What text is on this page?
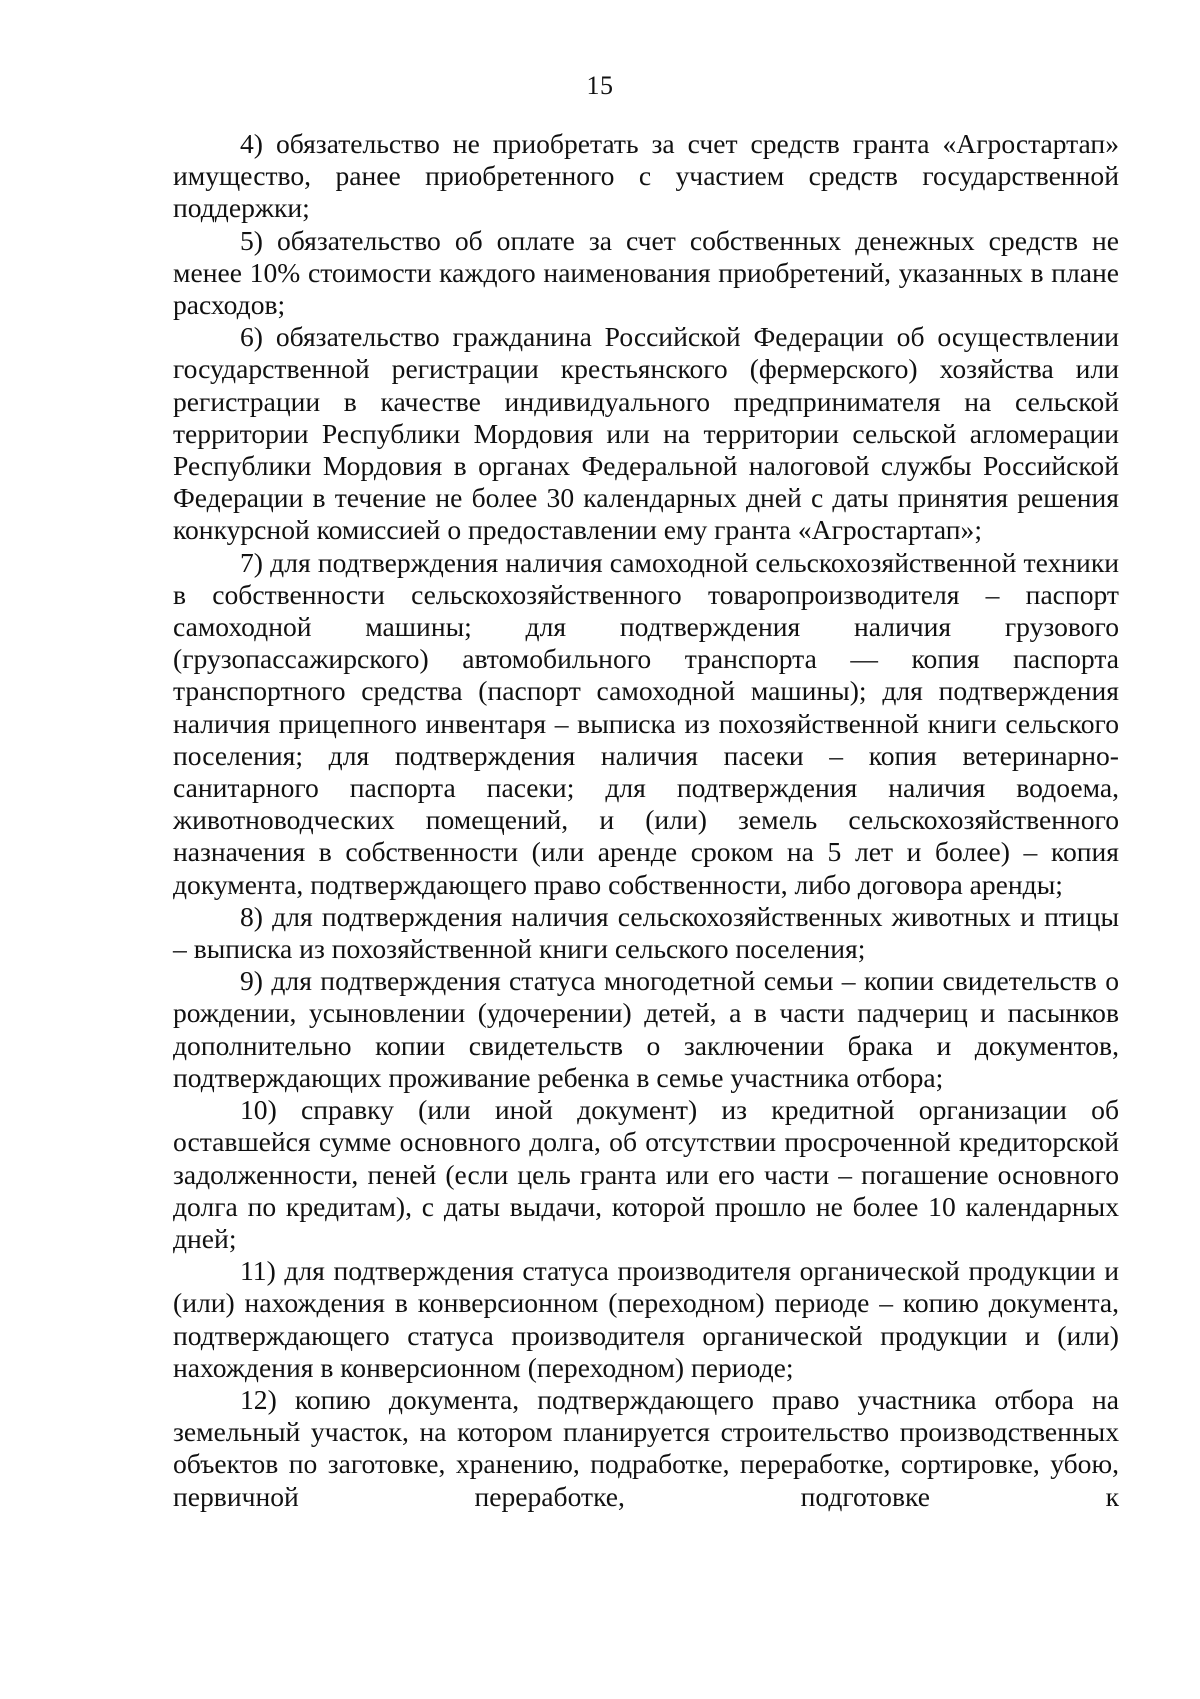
15

4) обязательство не приобретать за счет средств гранта «Агростартап» имущество, ранее приобретенного с участием средств государственной поддержки;

5) обязательство об оплате за счет собственных денежных средств не менее 10% стоимости каждого наименования приобретений, указанных в плане расходов;

6) обязательство гражданина Российской Федерации об осуществлении государственной регистрации крестьянского (фермерского) хозяйства или регистрации в качестве индивидуального предпринимателя на сельской территории Республики Мордовия или на территории сельской агломерации Республики Мордовия в органах Федеральной налоговой службы Российской Федерации в течение не более 30 календарных дней с даты принятия решения конкурсной комиссией о предоставлении ему гранта «Агростартап»;

7) для подтверждения наличия самоходной сельскохозяйственной техники в собственности сельскохозяйственного товаропроизводителя – паспорт самоходной машины; для подтверждения наличия грузового (грузопассажирского) автомобильного транспорта — копия паспорта транспортного средства (паспорт самоходной машины); для подтверждения наличия прицепного инвентаря – выписка из похозяйственной книги сельского поселения; для подтверждения наличия пасеки – копия ветеринарно-санитарного паспорта пасеки; для подтверждения наличия водоема, животноводческих помещений, и (или) земель сельскохозяйственного назначения в собственности (или аренде сроком на 5 лет и более) – копия документа, подтверждающего право собственности, либо договора аренды;

8) для подтверждения наличия сельскохозяйственных животных и птицы – выписка из похозяйственной книги сельского поселения;

9) для подтверждения статуса многодетной семьи – копии свидетельств о рождении, усыновлении (удочерении) детей, а в части падчериц и пасынков дополнительно копии свидетельств о заключении брака и документов, подтверждающих проживание ребенка в семье участника отбора;

10) справку (или иной документ) из кредитной организации об оставшейся сумме основного долга, об отсутствии просроченной кредиторской задолженности, пеней (если цель гранта или его части – погашение основного долга по кредитам), с даты выдачи, которой прошло не более 10 календарных дней;

11) для подтверждения статуса производителя органической продукции и (или) нахождения в конверсионном (переходном) периоде – копию документа, подтверждающего статуса производителя органической продукции и (или) нахождения в конверсионном (переходном) периоде;

12) копию документа, подтверждающего право участника отбора на земельный участок, на котором планируется строительство производственных объектов по заготовке, хранению, подработке, переработке, сортировке, убою, первичной переработке, подготовке к
